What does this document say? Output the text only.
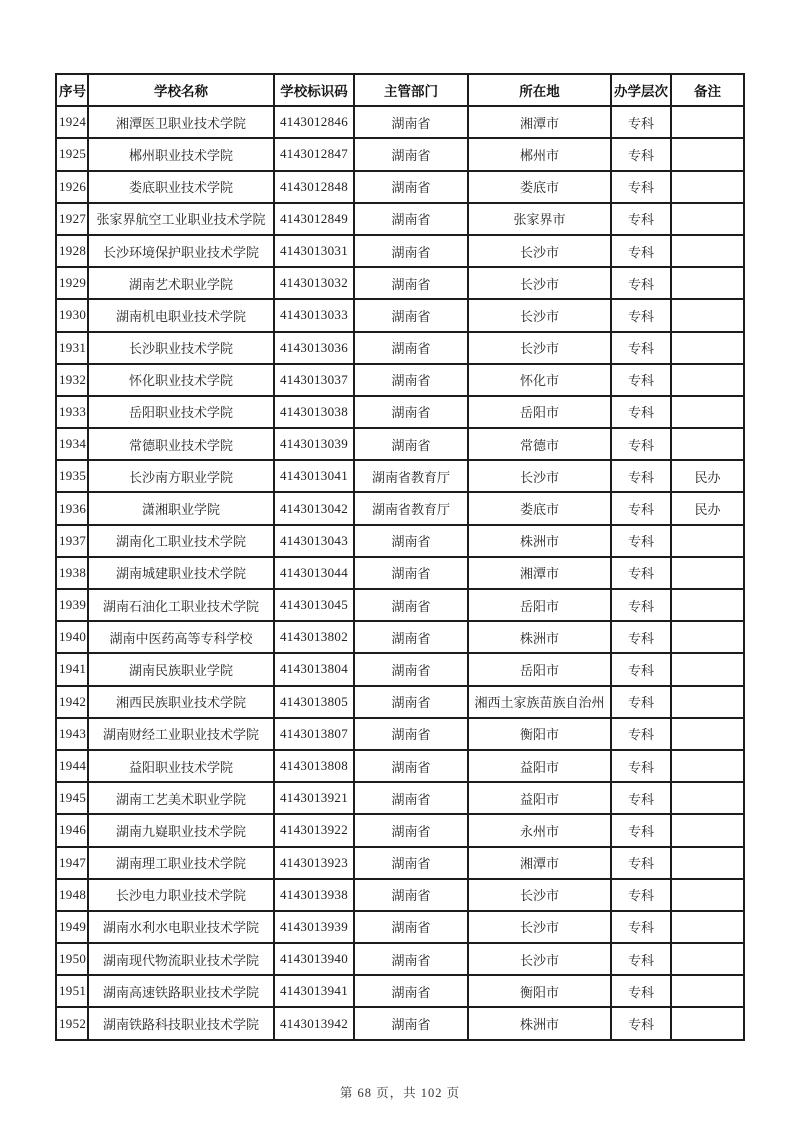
序号	学校名称	学校标识码	主管部门	所在地	办学层次	备注
1924	湘潭医卫职业技术学院	4143012846	湖南省	湘潭市	专科	
1925	郴州职业技术学院	4143012847	湖南省	郴州市	专科	
1926	娄底职业技术学院	4143012848	湖南省	娄底市	专科	
1927	张家界航空工业职业技术学院	4143012849	湖南省	张家界市	专科	
1928	长沙环境保护职业技术学院	4143013031	湖南省	长沙市	专科	
1929	湖南艺术职业学院	4143013032	湖南省	长沙市	专科	
1930	湖南机电职业技术学院	4143013033	湖南省	长沙市	专科	
1931	长沙职业技术学院	4143013036	湖南省	长沙市	专科	
1932	怀化职业技术学院	4143013037	湖南省	怀化市	专科	
1933	岳阳职业技术学院	4143013038	湖南省	岳阳市	专科	
1934	常德职业技术学院	4143013039	湖南省	常德市	专科	
1935	长沙南方职业学院	4143013041	湖南省教育厅	长沙市	专科	民办
1936	潇湘职业学院	4143013042	湖南省教育厅	娄底市	专科	民办
1937	湖南化工职业技术学院	4143013043	湖南省	株洲市	专科	
1938	湖南城建职业技术学院	4143013044	湖南省	湘潭市	专科	
1939	湖南石油化工职业技术学院	4143013045	湖南省	岳阳市	专科	
1940	湖南中医药高等专科学校	4143013802	湖南省	株洲市	专科	
1941	湖南民族职业学院	4143013804	湖南省	岳阳市	专科	
1942	湘西民族职业技术学院	4143013805	湖南省	湘西土家族苗族自治州	专科	
1943	湖南财经工业职业技术学院	4143013807	湖南省	衡阳市	专科	
1944	益阳职业技术学院	4143013808	湖南省	益阳市	专科	
1945	湖南工艺美术职业学院	4143013921	湖南省	益阳市	专科	
1946	湖南九嶷职业技术学院	4143013922	湖南省	永州市	专科	
1947	湖南理工职业技术学院	4143013923	湖南省	湘潭市	专科	
1948	长沙电力职业技术学院	4143013938	湖南省	长沙市	专科	
1949	湖南水利水电职业技术学院	4143013939	湖南省	长沙市	专科	
1950	湖南现代物流职业技术学院	4143013940	湖南省	长沙市	专科	
1951	湖南高速铁路职业技术学院	4143013941	湖南省	衡阳市	专科	
1952	湖南铁路科技职业技术学院	4143013942	湖南省	株洲市	专科	
第 68 页，共 102 页
